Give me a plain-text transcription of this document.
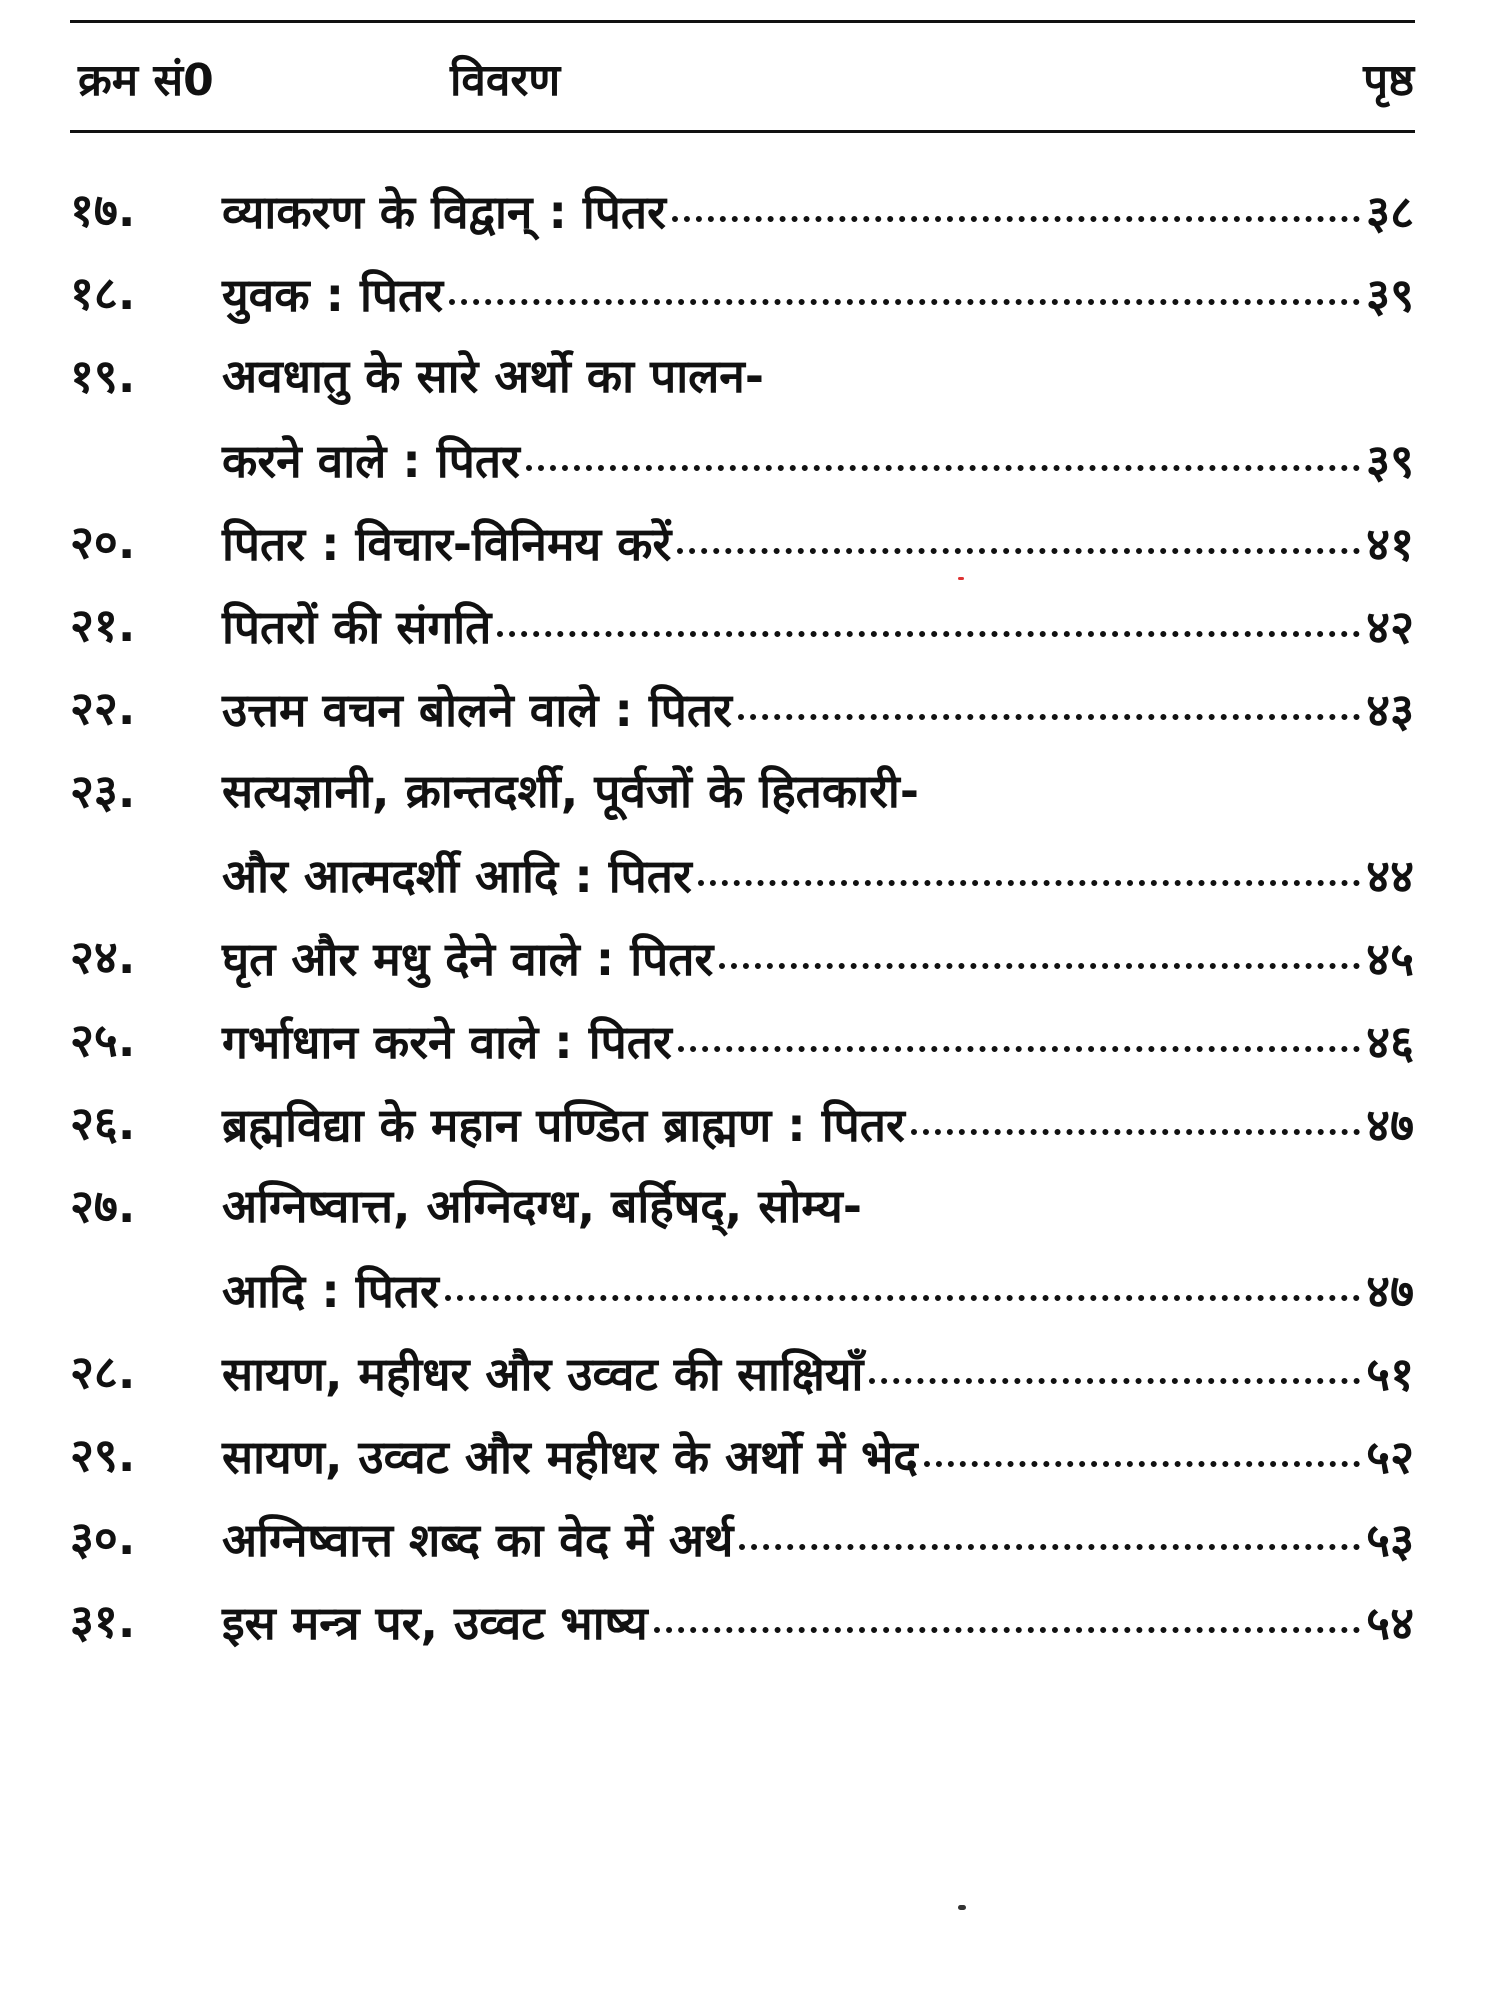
क्रम सं0	विवरण	पृष्ठ
१७.	व्याकरण के विद्वान् : पितर	३८
१८.	युवक : पितर	३९
१९.	अवधातु के सारे अर्थो का पालन-
करने वाले : पितर	३९
२०.	पितर : विचार-विनिमय करें	४१
२१.	पितरों की संगति	४२
२२.	उत्तम वचन बोलने वाले : पितर	४३
२३.	सत्यज्ञानी, क्रान्तदर्शी, पूर्वजों के हितकारी-
और आत्मदर्शी आदि : पितर	४४
२४.	घृत और मधु देने वाले : पितर	४५
२५.	गर्भाधान करने वाले : पितर	४६
२६.	ब्रह्मविद्या के महान पण्डित ब्राह्मण : पितर	४७
२७.	अग्निष्वात्त, अग्निदग्ध, बर्हिषद्, सोम्य-
आदि : पितर	४७
२८.	सायण, महीधर और उव्वट की साक्षियाँ	५१
२९.	सायण, उव्वट और महीधर के अर्थो में भेद	५२
३०.	अग्निष्वात्त शब्द का वेद में अर्थ	५३
३१.	इस मन्त्र पर, उव्वट भाष्य	५४
